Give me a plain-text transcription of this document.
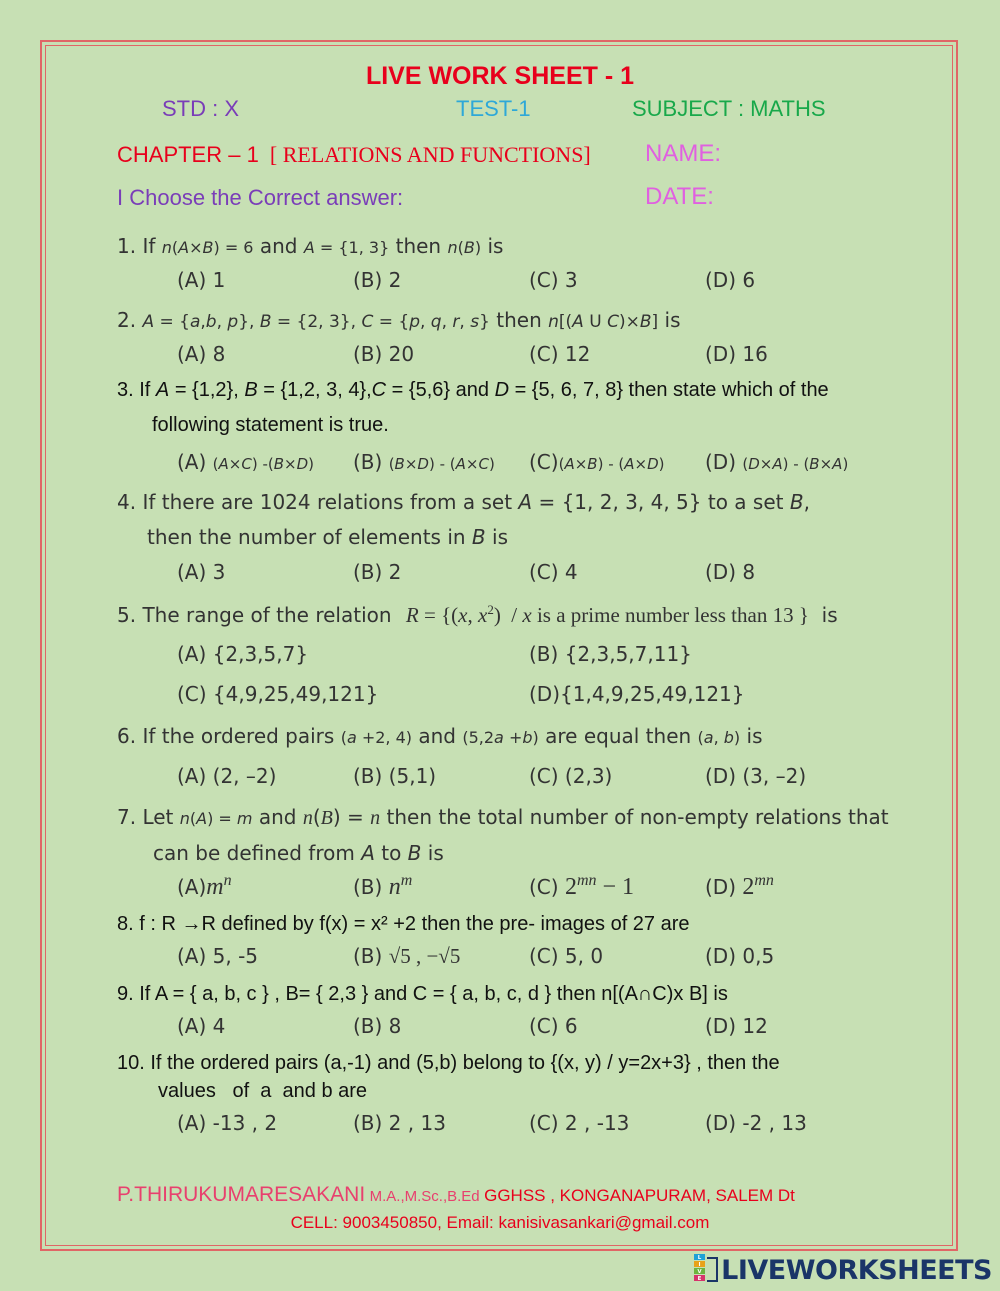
LIVE WORK SHEET - 1
STD : X	TEST-1	SUBJECT : MATHS
CHAPTER – 1 [ RELATIONS AND FUNCTIONS] NAME:
I Choose the Correct answer:	DATE:
1. If n(A×B) = 6 and A = {1, 3} then n(B) is
(A) 1	(B) 2	(C) 3	(D) 6
2. A = {a,b, p}, B = {2, 3}, C = {p, q, r, s} then n[(A U C)×B] is
(A) 8	(B) 20	(C) 12	(D) 16
3. If A = {1,2}, B = {1,2, 3, 4},C = {5,6} and D = {5, 6, 7, 8} then state which of the
following statement is true.
(A) (A×C) -(B×D) (B) (B×D) - (A×C) (C)(A×B) - (A×D) (D) (D×A) - (B×A)
4. If there are 1024 relations from a set A = {1, 2, 3, 4, 5} to a set B,
then the number of elements in B is
(A) 3	(B) 2	(C) 4	(D) 8
5. The range of the relation R = {(x, $x^2$)  / x is a prime number less than 13 }  is
(A) {2,3,5,7}	(B) {2,3,5,7,11}
(C) {4,9,25,49,121}	(D){1,4,9,25,49,121}
6. If the ordered pairs (a +2, 4) and (5,2a +b) are equal then (a, b) is
(A) (2, –2)	(B) (5,1)	(C) (2,3)	(D) (3, –2)
7. Let n(A) = m and n(B) = n then the total number of non-empty relations that
can be defined from A to B is
$(A)m^n$	(B) $n^m$	(C) $2^{mn} - 1$	(D) $2^{mn}$
8. f : R →R defined by f(x) = x² +2 then the pre- images of 27 are
(A) 5, -5	(B) √5 , −√5	(C) 5, 0	(D) 0,5
9. If A = { a, b, c } , B= { 2,3 } and C = { a, b, c, d } then n[(A∩C)x B] is
(A) 4	(B) 8	(C) 6	(D) 12
10. If the ordered pairs (a,-1) and (5,b) belong to {(x, y) / y=2x+3} , then the
values   of  a  and b are
(A) -13 , 2	(B) 2 , 13	(C) 2 , -13	(D) -2 , 13
P.THIRUKUMARESAKANI M.A.,M.Sc.,B.Ed GGHSS , KONGANAPURAM, SALEM Dt
CELL: 9003450850, Email: kanisivasankari@gmail.com
L
I
V
E LIVEWORKSHEETS
